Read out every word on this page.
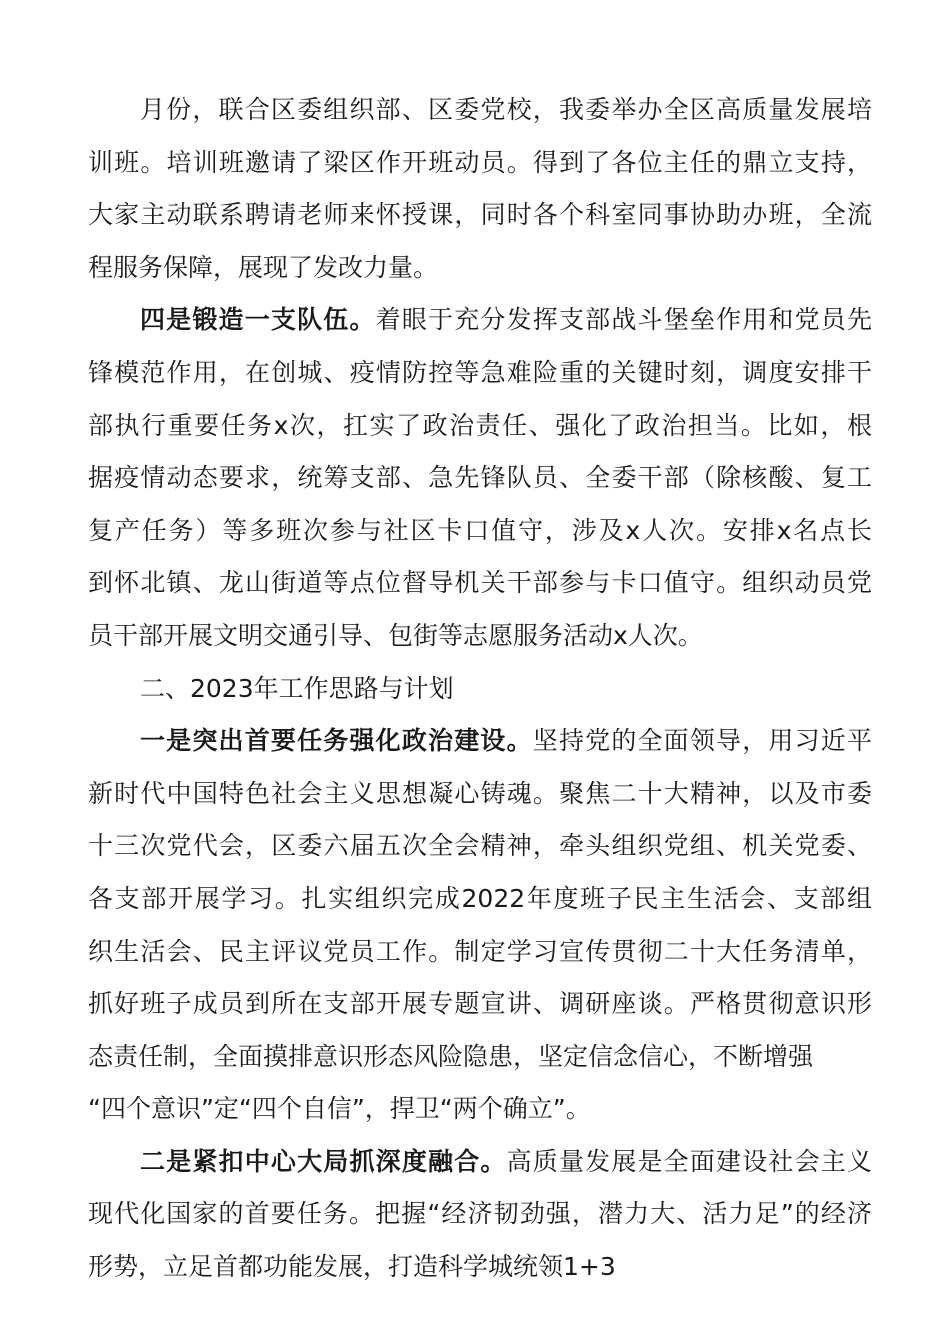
月份，联合区委组织部、区委党校，我委举办全区高质量发展培
训班。培训班邀请了梁区作开班动员。得到了各位主任的鼎立支持，
大家主动联系聘请老师来怀授课，同时各个科室同事协助办班，全流
程服务保障，展现了发改力量。
四是锻造一支队伍。着眼于充分发挥支部战斗堡垒作用和党员先
锋模范作用，在创城、疫情防控等急难险重的关键时刻，调度安排干
部执行重要任务x次，扛实了政治责任、强化了政治担当。比如，根
据疫情动态要求，统筹支部、急先锋队员、全委干部（除核酸、复工
复产任务）等多班次参与社区卡口值守，涉及x人次。安排x名点长
到怀北镇、龙山街道等点位督导机关干部参与卡口值守。组织动员党
员干部开展文明交通引导、包街等志愿服务活动x人次。
二、2023年工作思路与计划
一是突出首要任务强化政治建设。坚持党的全面领导，用习近平
新时代中国特色社会主义思想凝心铸魂。聚焦二十大精神，以及市委
十三次党代会，区委六届五次全会精神，牵头组织党组、机关党委、
各支部开展学习。扎实组织完成2022年度班子民主生活会、支部组
织生活会、民主评议党员工作。制定学习宣传贯彻二十大任务清单，
抓好班子成员到所在支部开展专题宣讲、调研座谈。严格贯彻意识形
态责任制，全面摸排意识形态风险隐患，坚定信念信心，不断增强
“四个意识”定“四个自信”，捍卫“两个确立”。
二是紧扣中心大局抓深度融合。高质量发展是全面建设社会主义
现代化国家的首要任务。把握“经济韧劲强，潜力大、活力足”的经济
形势，立足首都功能发展，打造科学城统领1+3
